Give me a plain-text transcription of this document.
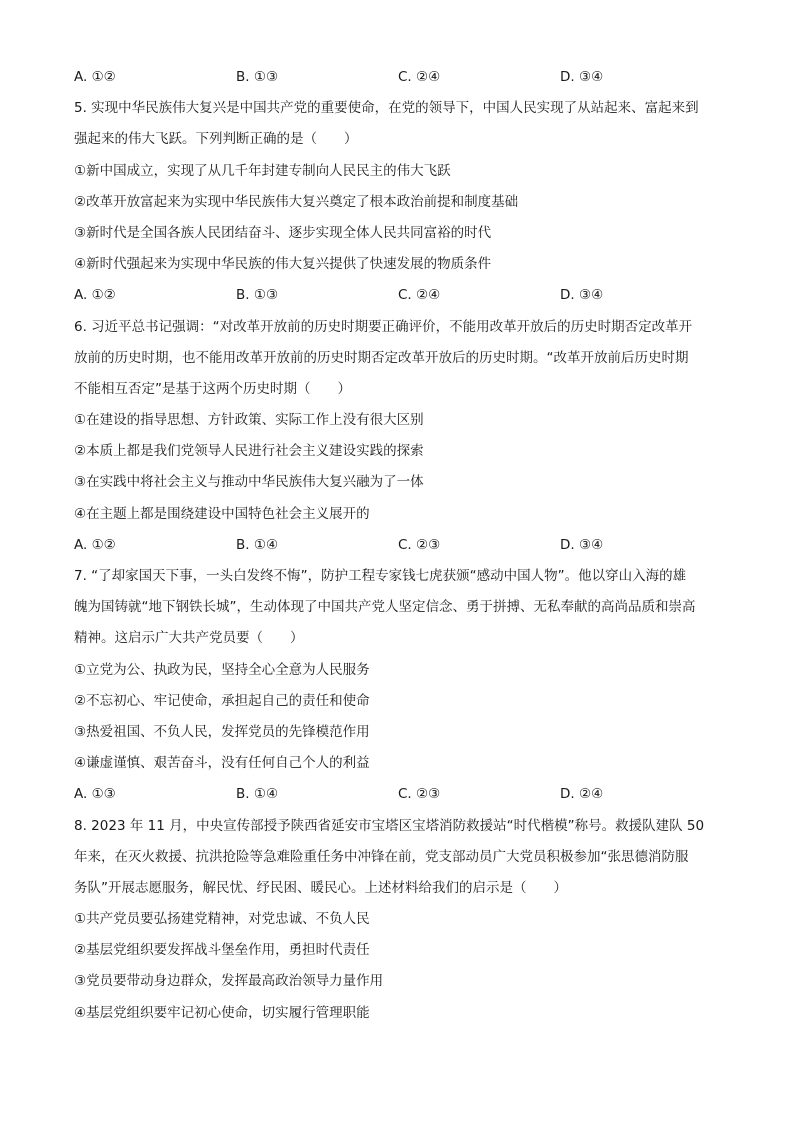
A. ①②	B. ①③	C. ②④	D. ③④
5. 实现中华民族伟大复兴是中国共产党的重要使命，在党的领导下，中国人民实现了从站起来、富起来到
强起来的伟大飞跃。下列判断正确的是（　　）
①新中国成立，实现了从几千年封建专制向人民民主的伟大飞跃
②改革开放富起来为实现中华民族伟大复兴奠定了根本政治前提和制度基础
③新时代是全国各族人民团结奋斗、逐步实现全体人民共同富裕的时代
④新时代强起来为实现中华民族的伟大复兴提供了快速发展的物质条件
A. ①②	B. ①③	C. ②④	D. ③④
6. 习近平总书记强调：“对改革开放前的历史时期要正确评价，不能用改革开放后的历史时期否定改革开
放前的历史时期，也不能用改革开放前的历史时期否定改革开放后的历史时期。“改革开放前后历史时期
不能相互否定”是基于这两个历史时期（　　）
①在建设的指导思想、方针政策、实际工作上没有很大区别
②本质上都是我们党领导人民进行社会主义建设实践的探索
③在实践中将社会主义与推动中华民族伟大复兴融为了一体
④在主题上都是围绕建设中国特色社会主义展开的
A. ①②	B. ①④	C. ②③	D. ③④
7. “了却家国天下事，一头白发终不悔”，防护工程专家钱七虎获颁“感动中国人物”。他以穿山入海的雄
魄为国铸就“地下钢铁长城”，生动体现了中国共产党人坚定信念、勇于拼搏、无私奉献的高尚品质和崇高
精神。这启示广大共产党员要（　　）
①立党为公、执政为民，坚持全心全意为人民服务
②不忘初心、牢记使命，承担起自己的责任和使命
③热爱祖国、不负人民，发挥党员的先锋模范作用
④谦虚谨慎、艰苦奋斗，没有任何自己个人的利益
A. ①③	B. ①④	C. ②③	D. ②④
8. 2023 年 11 月，中央宣传部授予陕西省延安市宝塔区宝塔消防救援站“时代楷模”称号。救援队建队 50
年来，在灭火救援、抗洪抢险等急难险重任务中冲锋在前，党支部动员广大党员积极参加“张思德消防服
务队”开展志愿服务，解民忧、纾民困、暖民心。上述材料给我们的启示是（　　）
①共产党员要弘扬建党精神，对党忠诚、不负人民
②基层党组织要发挥战斗堡垒作用，勇担时代责任
③党员要带动身边群众，发挥最高政治领导力量作用
④基层党组织要牢记初心使命，切实履行管理职能
